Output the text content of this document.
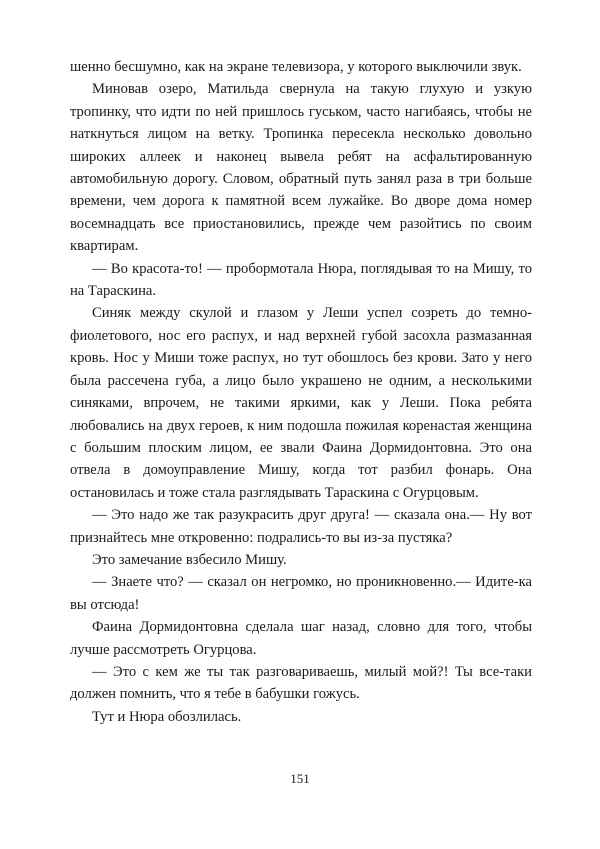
шенно бесшумно, как на экране телевизора, у которого выключили звук.

Миновав озеро, Матильда свернула на такую глухую и узкую тропинку, что идти по ней пришлось гуськом, часто нагибаясь, чтобы не наткнуться лицом на ветку. Тропинка пересекла несколько довольно широких аллеек и наконец вывела ребят на асфальтированную автомобильную дорогу. Словом, обратный путь занял раза в три больше времени, чем дорога к памятной всем лужайке. Во дворе дома номер восемнадцать все приостановились, прежде чем разойтись по своим квартирам.

— Во красота-то! — пробормотала Нюра, поглядывая то на Мишу, то на Тараскина.

Синяк между скулой и глазом у Леши успел созреть до темно-фиолетового, нос его распух, и над верхней губой засохла размазанная кровь. Нос у Миши тоже распух, но тут обошлось без крови. Зато у него была рассечена губа, а лицо было украшено не одним, а несколькими синяками, впрочем, не такими яркими, как у Леши. Пока ребята любовались на двух героев, к ним подошла пожилая коренастая женщина с большим плоским лицом, ее звали Фаина Дормидонтовна. Это она отвела в домоуправление Мишу, когда тот разбил фонарь. Она остановилась и тоже стала разглядывать Тараскина с Огурцовым.

— Это надо же так разукрасить друг друга! — сказала она.— Ну вот признайтесь мне откровенно: подрались-то вы из-за пустяка?

Это замечание взбесило Мишу.

— Знаете что? — сказал он негромко, но проникновенно.— Идите-ка вы отсюда!

Фаина Дормидонтовна сделала шаг назад, словно для того, чтобы лучше рассмотреть Огурцова.

— Это с кем же ты так разговариваешь, милый мой?! Ты все-таки должен помнить, что я тебе в бабушки гожусь.

Тут и Нюра обозлилась.

151
